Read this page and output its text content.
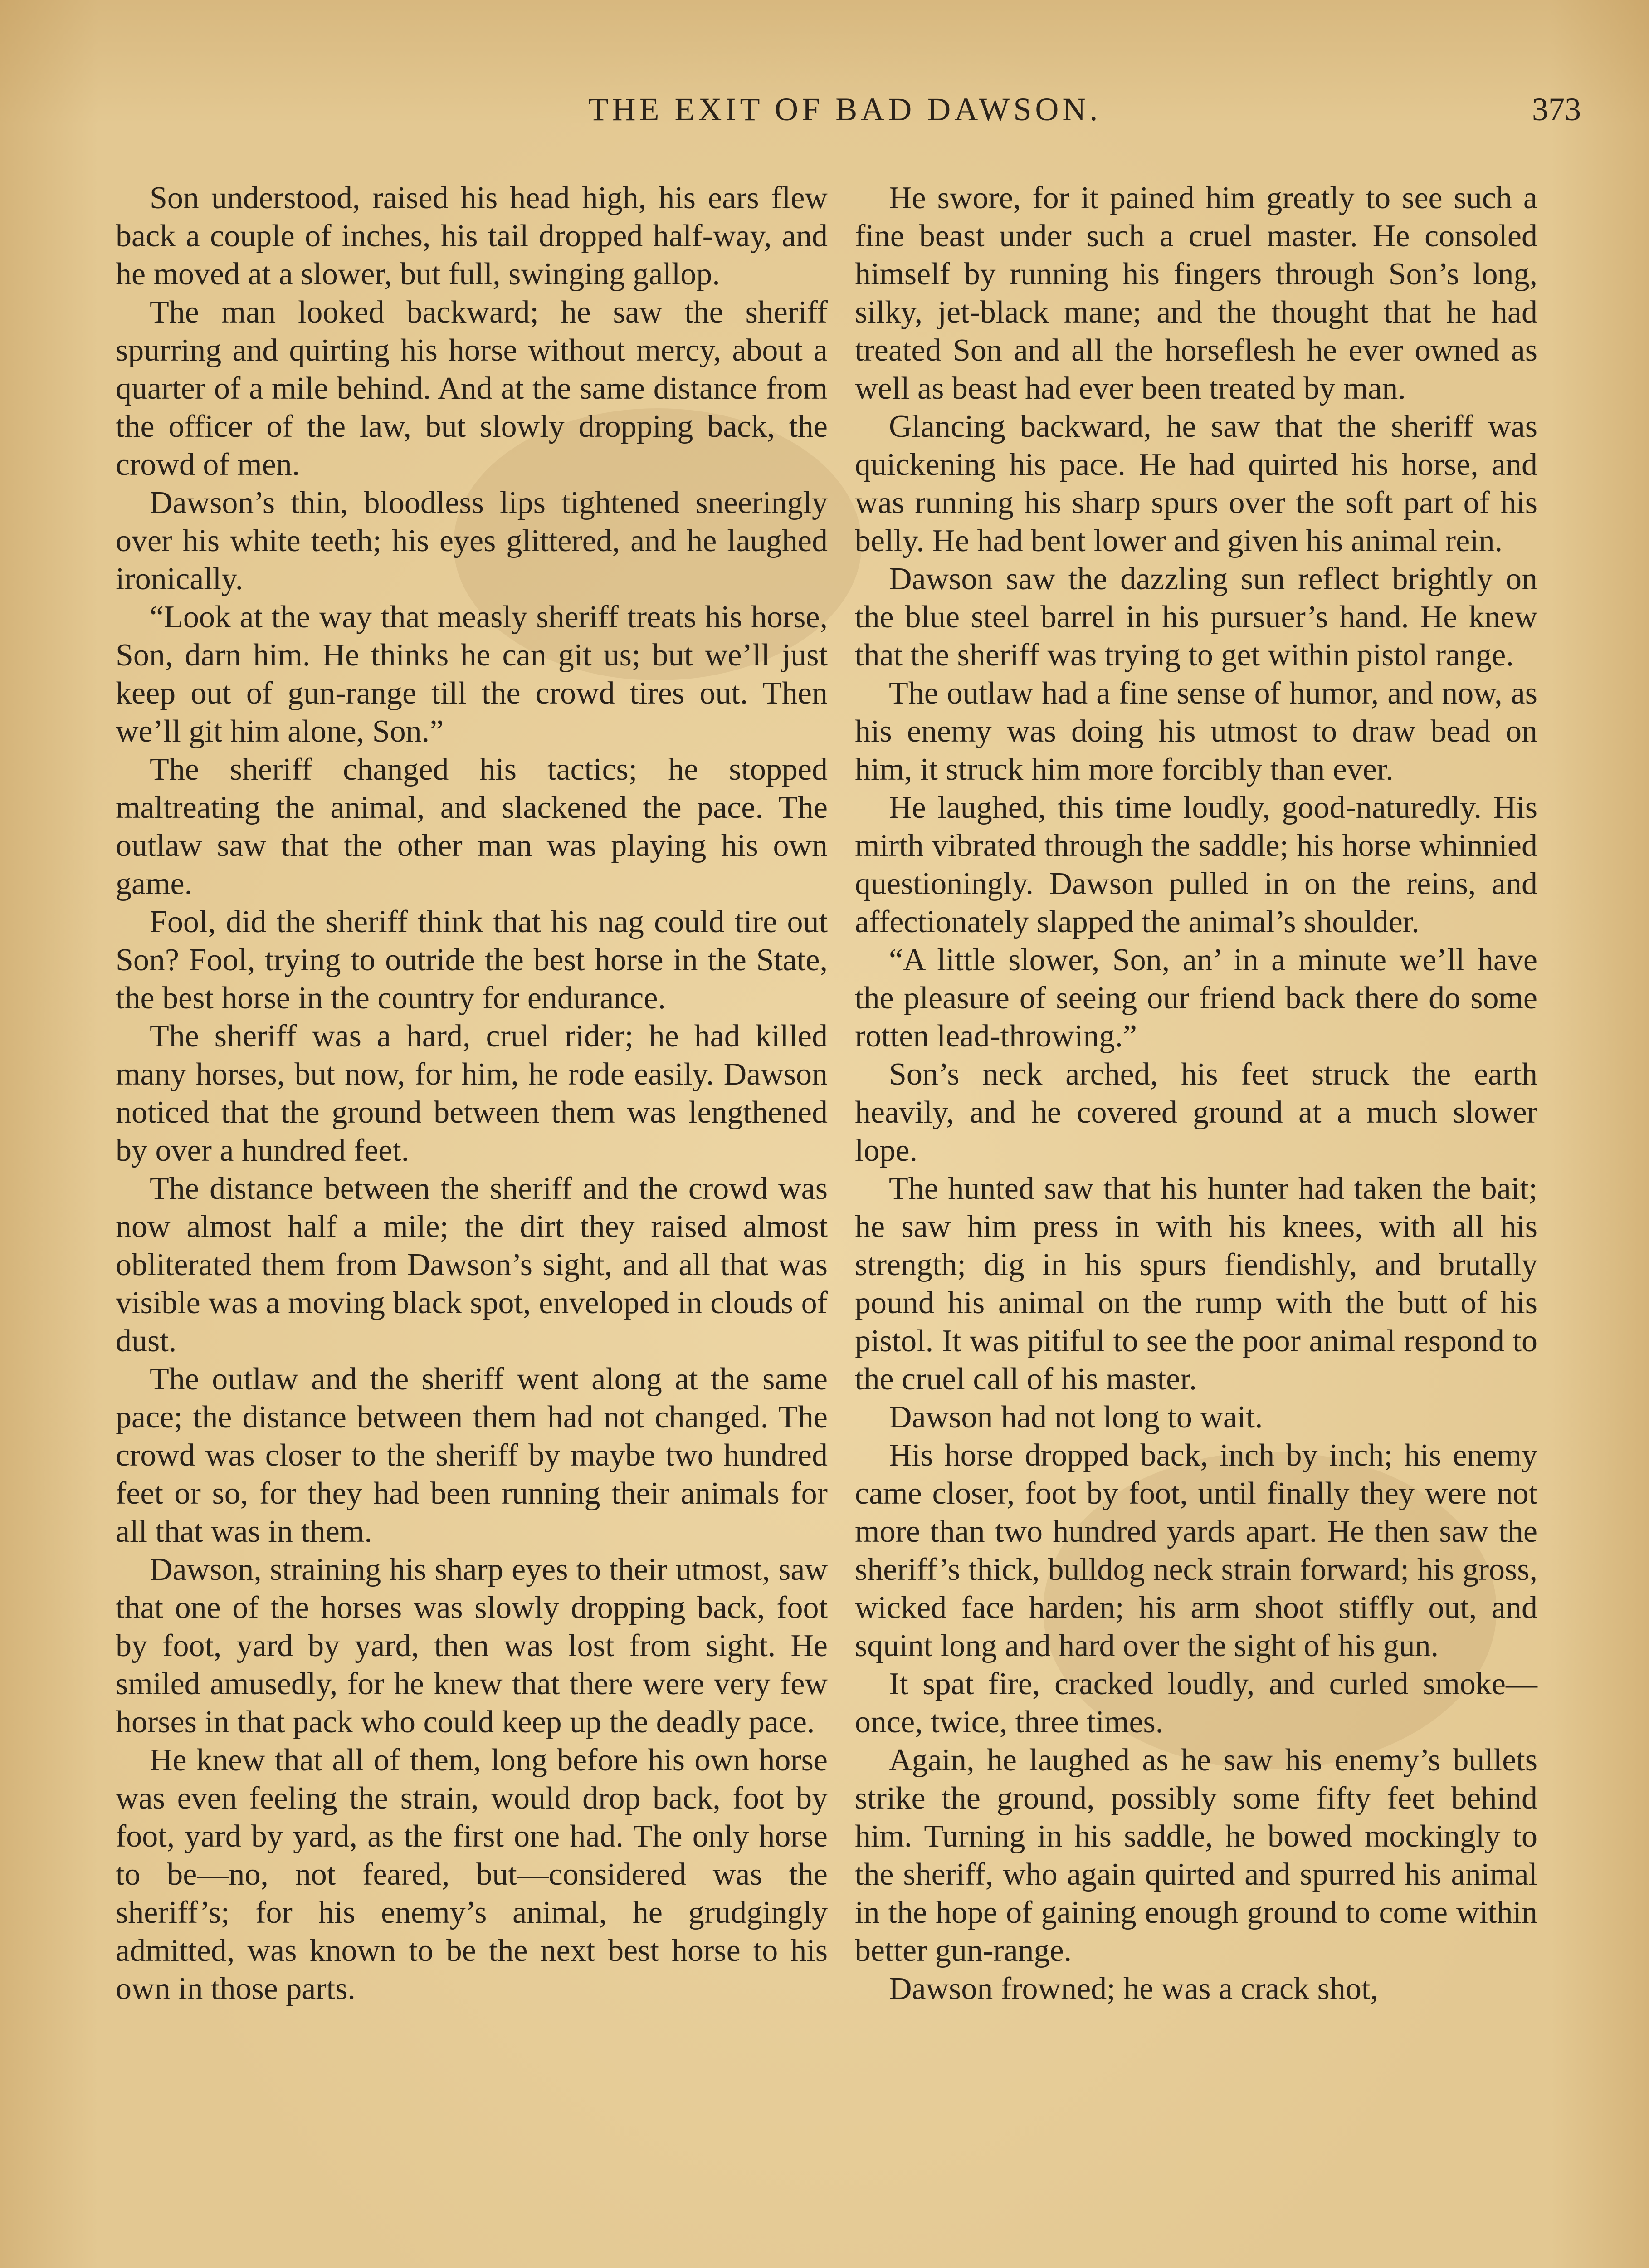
THE EXIT OF BAD DAWSON.	373

Son understood, raised his head high, his ears flew back a couple of inches, his tail dropped half-way, and he moved at a slower, but full, swinging gallop.

The man looked backward; he saw the sheriff spurring and quirting his horse without mercy, about a quarter of a mile behind. And at the same distance from the officer of the law, but slowly dropping back, the crowd of men.

Dawson’s thin, bloodless lips tightened sneeringly over his white teeth; his eyes glittered, and he laughed ironically.

“Look at the way that measly sheriff treats his horse, Son, darn him. He thinks he can git us; but we’ll just keep out of gun-range till the crowd tires out. Then we’ll git him alone, Son.”

The sheriff changed his tactics; he stopped maltreating the animal, and slackened the pace. The outlaw saw that the other man was playing his own game.

Fool, did the sheriff think that his nag could tire out Son? Fool, trying to outride the best horse in the State, the best horse in the country for endurance.

The sheriff was a hard, cruel rider; he had killed many horses, but now, for him, he rode easily. Dawson noticed that the ground between them was lengthened by over a hundred feet.

The distance between the sheriff and the crowd was now almost half a mile; the dirt they raised almost obliterated them from Dawson’s sight, and all that was visible was a moving black spot, enveloped in clouds of dust.

The outlaw and the sheriff went along at the same pace; the distance between them had not changed. The crowd was closer to the sheriff by maybe two hundred feet or so, for they had been running their animals for all that was in them.

Dawson, straining his sharp eyes to their utmost, saw that one of the horses was slowly dropping back, foot by foot, yard by yard, then was lost from sight. He smiled amusedly, for he knew that there were very few horses in that pack who could keep up the deadly pace.

He knew that all of them, long before his own horse was even feeling the strain, would drop back, foot by foot, yard by yard, as the first one had. The only horse to be—no, not feared, but—considered was the sheriff’s; for his enemy’s animal, he grudgingly admitted, was known to be the next best horse to his own in those parts.

He swore, for it pained him greatly to see such a fine beast under such a cruel master. He consoled himself by running his fingers through Son’s long, silky, jet-black mane; and the thought that he had treated Son and all the horseflesh he ever owned as well as beast had ever been treated by man.

Glancing backward, he saw that the sheriff was quickening his pace. He had quirted his horse, and was running his sharp spurs over the soft part of his belly. He had bent lower and given his animal rein.

Dawson saw the dazzling sun reflect brightly on the blue steel barrel in his pursuer’s hand. He knew that the sheriff was trying to get within pistol range.

The outlaw had a fine sense of humor, and now, as his enemy was doing his utmost to draw bead on him, it struck him more forcibly than ever.

He laughed, this time loudly, good-naturedly. His mirth vibrated through the saddle; his horse whinnied questioningly. Dawson pulled in on the reins, and affectionately slapped the animal’s shoulder.

“A little slower, Son, an’ in a minute we’ll have the pleasure of seeing our friend back there do some rotten lead-throwing.”

Son’s neck arched, his feet struck the earth heavily, and he covered ground at a much slower lope.

The hunted saw that his hunter had taken the bait; he saw him press in with his knees, with all his strength; dig in his spurs fiendishly, and brutally pound his animal on the rump with the butt of his pistol. It was pitiful to see the poor animal respond to the cruel call of his master.

Dawson had not long to wait.

His horse dropped back, inch by inch; his enemy came closer, foot by foot, until finally they were not more than two hundred yards apart. He then saw the sheriff’s thick, bulldog neck strain forward; his gross, wicked face harden; his arm shoot stiffly out, and squint long and hard over the sight of his gun.

It spat fire, cracked loudly, and curled smoke—once, twice, three times.

Again, he laughed as he saw his enemy’s bullets strike the ground, possibly some fifty feet behind him. Turning in his saddle, he bowed mockingly to the sheriff, who again quirted and spurred his animal in the hope of gaining enough ground to come within better gun-range.

Dawson frowned; he was a crack shot,
